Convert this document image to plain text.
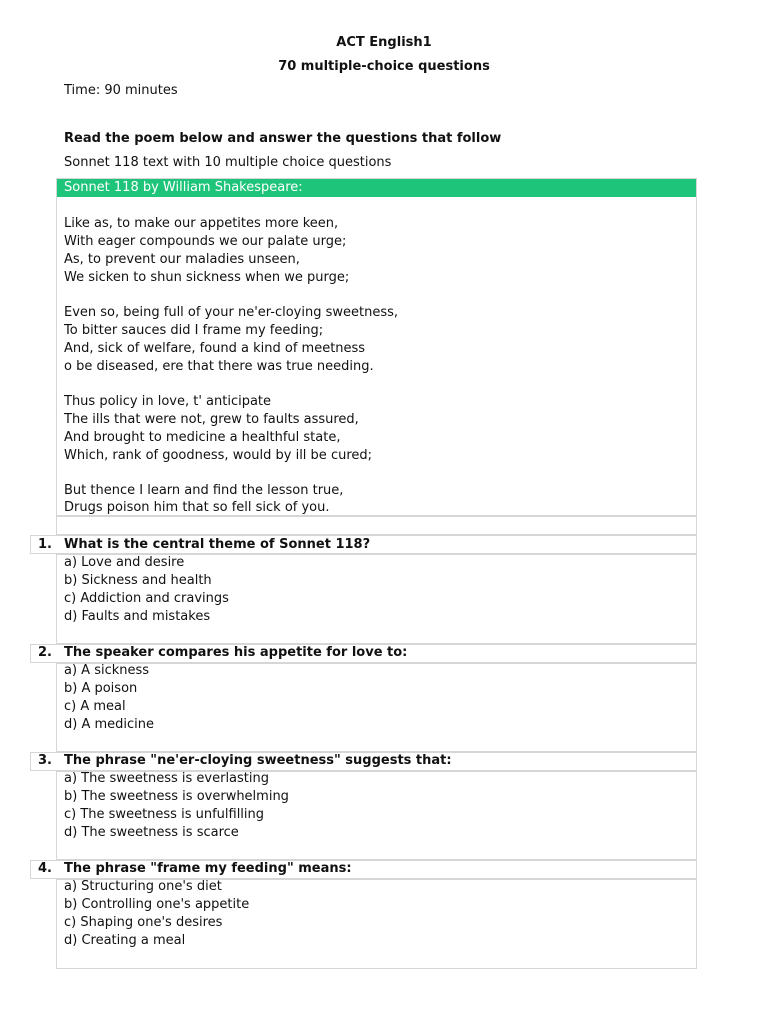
ACT English1
70 multiple-choice questions
Time: 90 minutes
Read the poem below and answer the questions that follow
Sonnet 118 text with 10 multiple choice questions
Sonnet 118 by William Shakespeare:
Like as, to make our appetites more keen,
With eager compounds we our palate urge;
As, to prevent our maladies unseen,
We sicken to shun sickness when we purge;
Even so, being full of your ne'er-cloying sweetness,
To bitter sauces did I frame my feeding;
And, sick of welfare, found a kind of meetness
o be diseased, ere that there was true needing.
Thus policy in love, t' anticipate
The ills that were not, grew to faults assured,
And brought to medicine a healthful state,
Which, rank of goodness, would by ill be cured;
But thence I learn and find the lesson true,
Drugs poison him that so fell sick of you.
1. What is the central theme of Sonnet 118?
a) Love and desire
b) Sickness and health
c) Addiction and cravings
d) Faults and mistakes
2. The speaker compares his appetite for love to:
a) A sickness
b) A poison
c) A meal
d) A medicine
3. The phrase "ne'er-cloying sweetness" suggests that:
a) The sweetness is everlasting
b) The sweetness is overwhelming
c) The sweetness is unfulfilling
d) The sweetness is scarce
4. The phrase "frame my feeding" means:
a) Structuring one's diet
b) Controlling one's appetite
c) Shaping one's desires
d) Creating a meal
